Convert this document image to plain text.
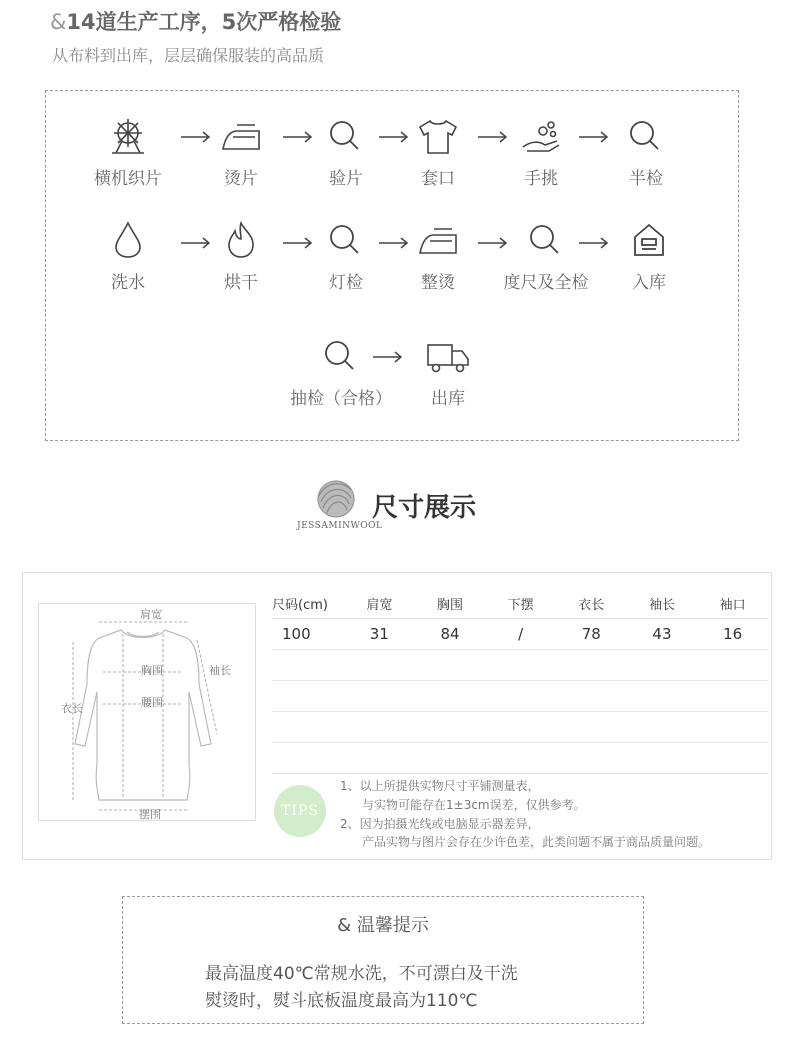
&14道生产工序，5次严格检验
从布料到出库，层层确保服装的高品质
横机织片	烫片	验片	套口	手挑	半检
洗水	烘干	灯检	整烫	度尺及全检	入库
抽检（合格）	出库
JESSAMINWOOL
尺寸展示
肩宽
胸围
腰围
袖长
衣长
摆围
尺码(cm)	肩宽	胸围	下摆	衣长	袖长	袖口
100	31	84	/	78	43	16

TIPS
1、以上所提供实物尺寸平铺测量表，
与实物可能存在1±3cm误差，仅供参考。
2、因为拍摄光线或电脑显示器差异，
产品实物与图片会存在少许色差，此类问题不属于商品质量问题。
& 温馨提示
最高温度40℃常规水洗，不可漂白及干洗
熨烫时，熨斗底板温度最高为110℃
